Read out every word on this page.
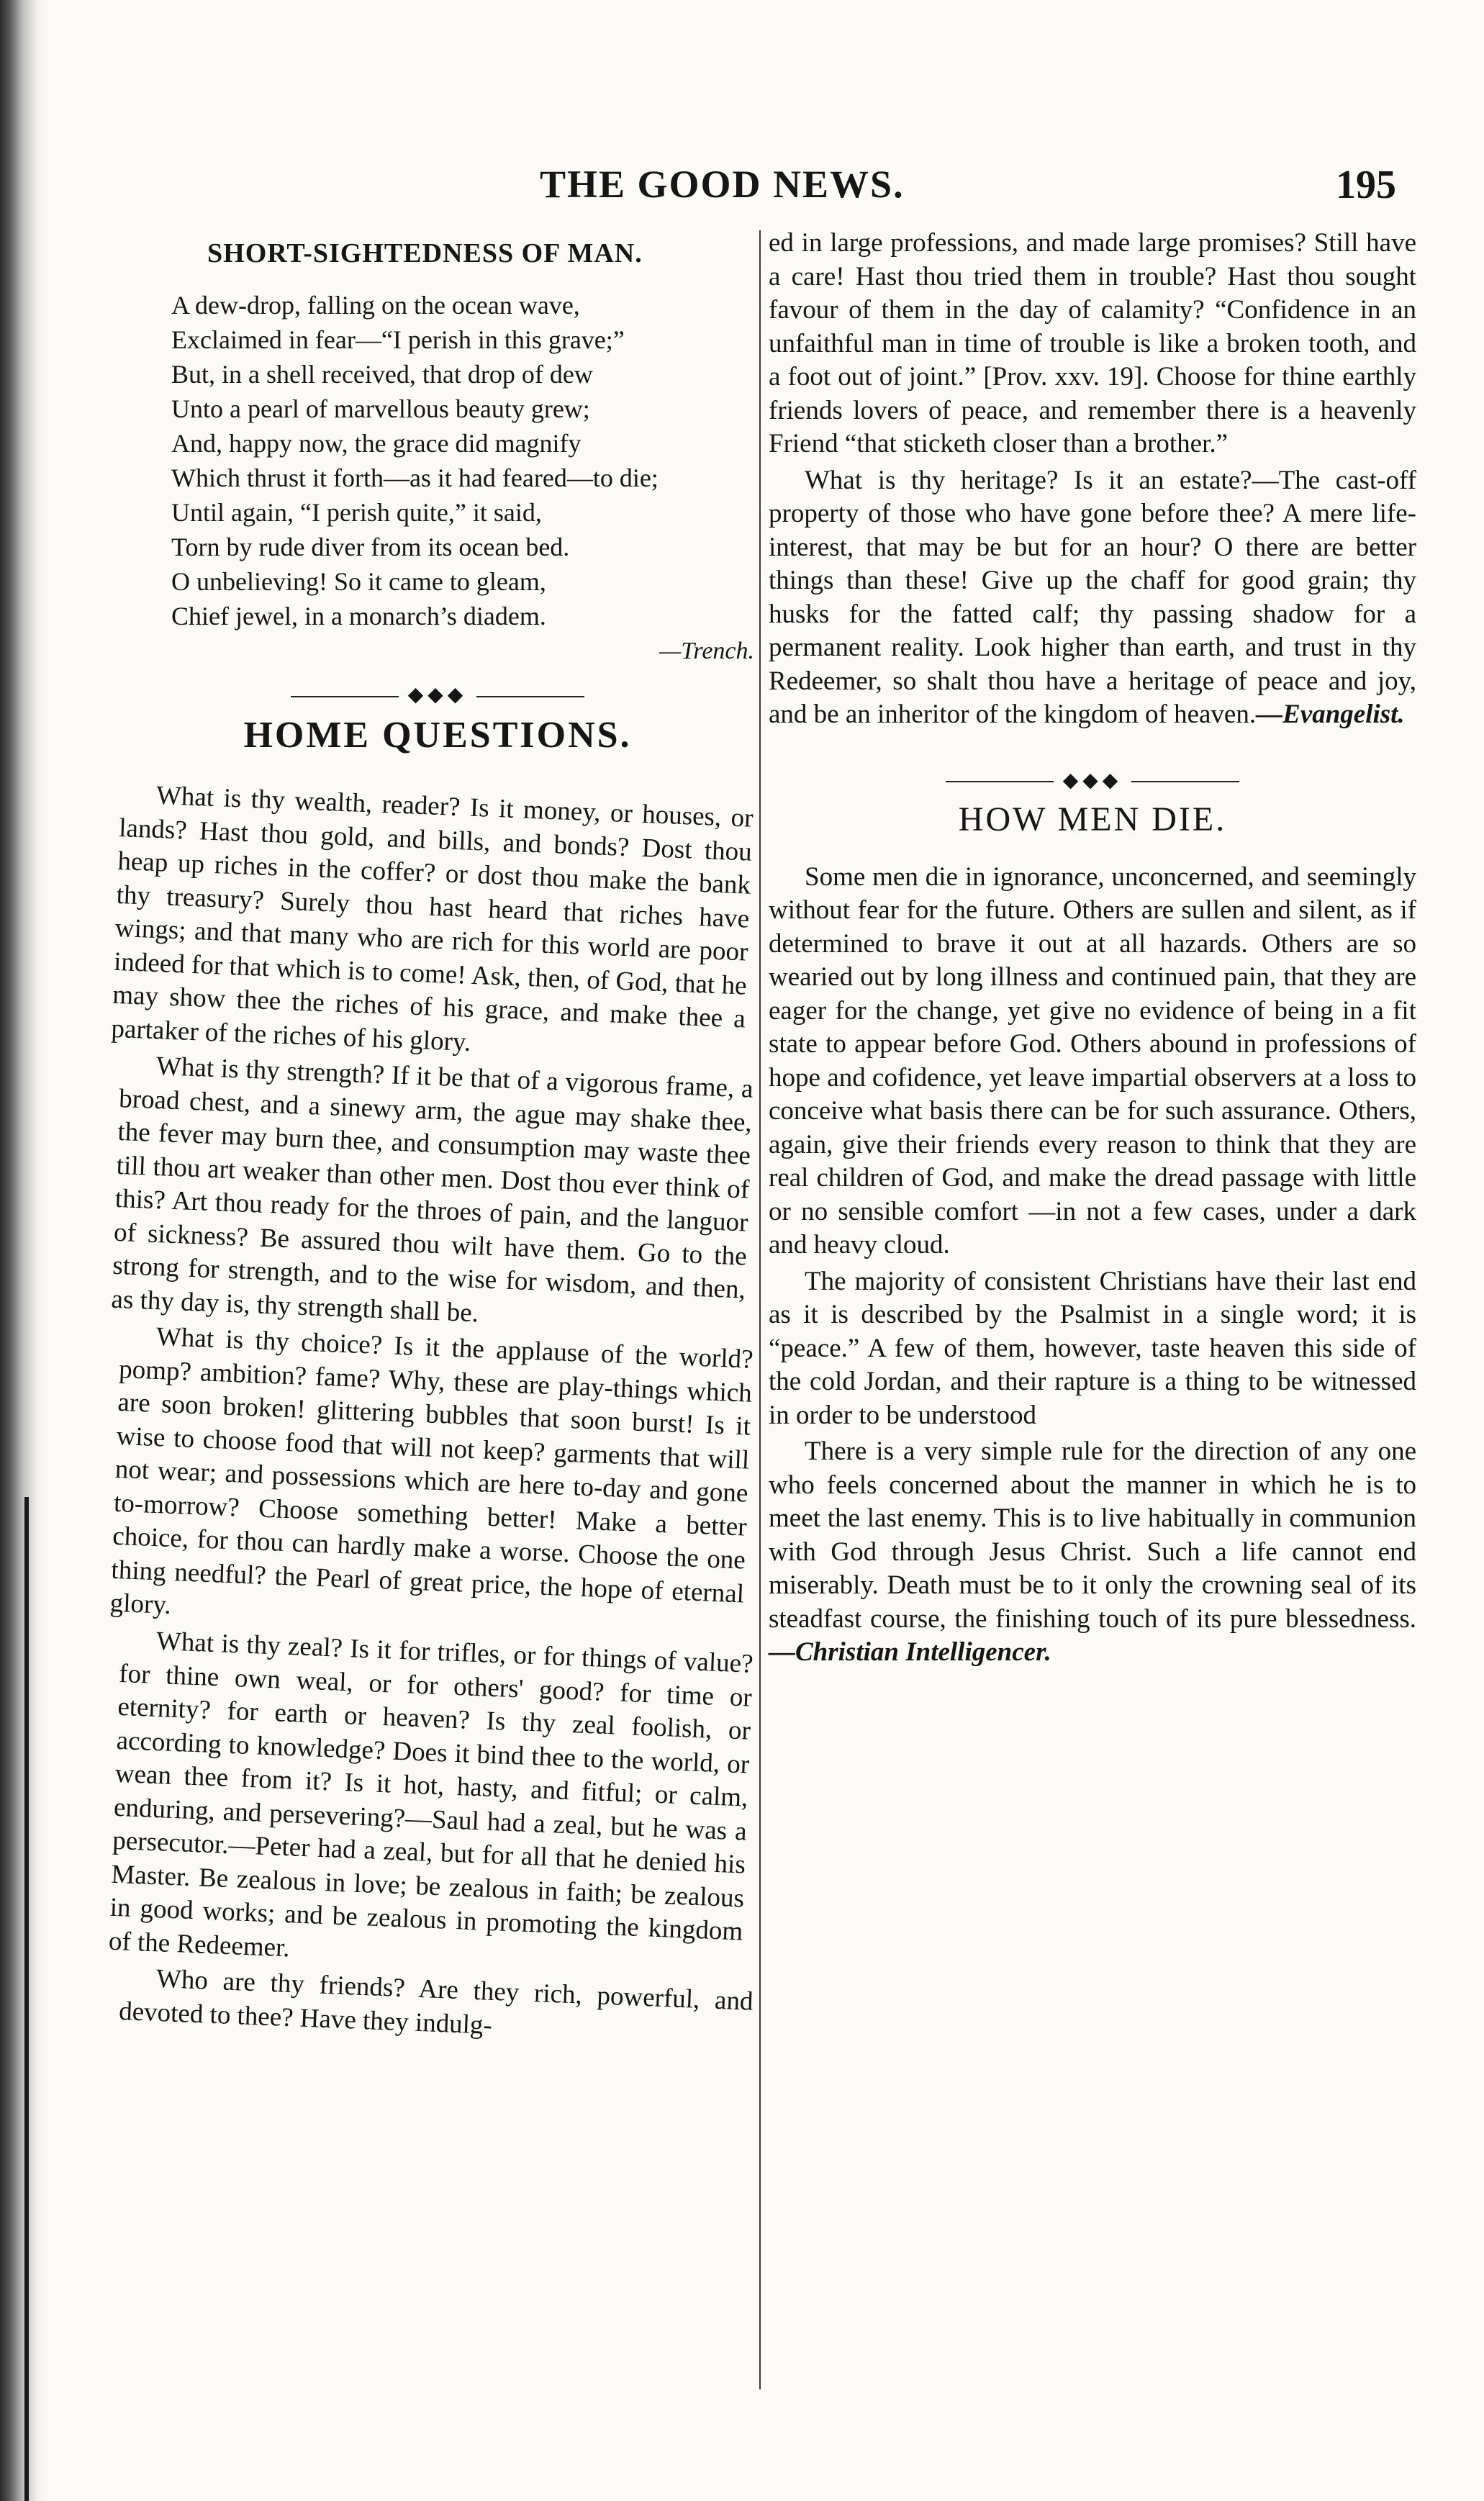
THE GOOD NEWS.	195
SHORT-SIGHTEDNESS OF MAN.
A dew-drop, falling on the ocean wave,
Exclaimed in fear—“I perish in this grave;”
But, in a shell received, that drop of dew
Unto a pearl of marvellous beauty grew;
And, happy now, the grace did magnify
Which thrust it forth—as it had feared—to die;
Until again, “I perish quite,” it said,
Torn by rude diver from its ocean bed.
O unbelieving! So it came to gleam,
Chief jewel, in a monarch’s diadem.
—Trench.
◆◆◆
HOME QUESTIONS.
What is thy wealth, reader? Is it money, or houses, or lands? Hast thou gold, and bills, and bonds? Dost thou heap up riches in the coffer? or dost thou make the bank thy treasury? Surely thou hast heard that riches have wings; and that many who are rich for this world are poor indeed for that which is to come! Ask, then, of God, that he may show thee the riches of his grace, and make thee a partaker of the riches of his glory.
What is thy strength? If it be that of a vigorous frame, a broad chest, and a sinewy arm, the ague may shake thee, the fever may burn thee, and consumption may waste thee till thou art weaker than other men. Dost thou ever think of this? Art thou ready for the throes of pain, and the languor of sickness? Be assured thou wilt have them. Go to the strong for strength, and to the wise for wisdom, and then, as thy day is, thy strength shall be.
What is thy choice? Is it the applause of the world? pomp? ambition? fame? Why, these are play-things which are soon broken! glittering bubbles that soon burst! Is it wise to choose food that will not keep? garments that will not wear; and possessions which are here to-day and gone to-morrow? Choose something better! Make a better choice, for thou can hardly make a worse. Choose the one thing needful? the Pearl of great price, the hope of eternal glory.
What is thy zeal? Is it for trifles, or for things of value? for thine own weal, or for others' good? for time or eternity? for earth or heaven? Is thy zeal foolish, or according to knowledge? Does it bind thee to the world, or wean thee from it? Is it hot, hasty, and fitful; or calm, enduring, and persevering?—Saul had a zeal, but he was a persecutor.—Peter had a zeal, but for all that he denied his Master. Be zealous in love; be zealous in faith; be zealous in good works; and be zealous in promoting the kingdom of the Redeemer.
Who are thy friends? Are they rich, powerful, and devoted to thee? Have they indulg-
ed in large professions, and made large promises? Still have a care! Hast thou tried them in trouble? Hast thou sought favour of them in the day of calamity? “Confidence in an unfaithful man in time of trouble is like a broken tooth, and a foot out of joint.” [Prov. xxv. 19]. Choose for thine earthly friends lovers of peace, and remember there is a heavenly Friend “that sticketh closer than a brother.”
What is thy heritage? Is it an estate?—The cast-off property of those who have gone before thee? A mere life-interest, that may be but for an hour? O there are better things than these! Give up the chaff for good grain; thy husks for the fatted calf; thy passing shadow for a permanent reality. Look higher than earth, and trust in thy Redeemer, so shalt thou have a heritage of peace and joy, and be an inheritor of the kingdom of heaven.—Evangelist.
◆◆◆
HOW MEN DIE.
Some men die in ignorance, unconcerned, and seemingly without fear for the future. Others are sullen and silent, as if determined to brave it out at all hazards. Others are so wearied out by long illness and continued pain, that they are eager for the change, yet give no evidence of being in a fit state to appear before God. Others abound in professions of hope and cofidence, yet leave impartial observers at a loss to conceive what basis there can be for such assurance. Others, again, give their friends every reason to think that they are real children of God, and make the dread passage with little or no sensible comfort —in not a few cases, under a dark and heavy cloud.
The majority of consistent Christians have their last end as it is described by the Psalmist in a single word; it is “peace.” A few of them, however, taste heaven this side of the cold Jordan, and their rapture is a thing to be witnessed in order to be understood
There is a very simple rule for the direction of any one who feels concerned about the manner in which he is to meet the last enemy. This is to live habitually in communion with God through Jesus Christ. Such a life cannot end miserably. Death must be to it only the crowning seal of its steadfast course, the finishing touch of its pure blessedness.—Christian Intelligencer.
